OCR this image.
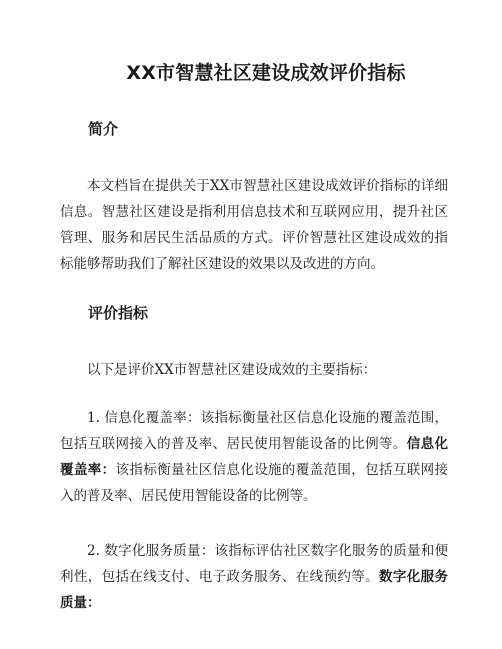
XX市智慧社区建设成效评价指标
简介
本文档旨在提供关于XX市智慧社区建设成效评价指标的详细信息。智慧社区建设是指利用信息技术和互联网应用，提升社区管理、服务和居民生活品质的方式。评价智慧社区建设成效的指标能够帮助我们了解社区建设的效果以及改进的方向。
评价指标
以下是评价XX市智慧社区建设成效的主要指标：
1. 信息化覆盖率：该指标衡量社区信息化设施的覆盖范围，包括互联网接入的普及率、居民使用智能设备的比例等。信息化覆盖率：该指标衡量社区信息化设施的覆盖范围，包括互联网接入的普及率、居民使用智能设备的比例等。
2. 数字化服务质量：该指标评估社区数字化服务的质量和便利性，包括在线支付、电子政务服务、在线预约等。数字化服务质量：
